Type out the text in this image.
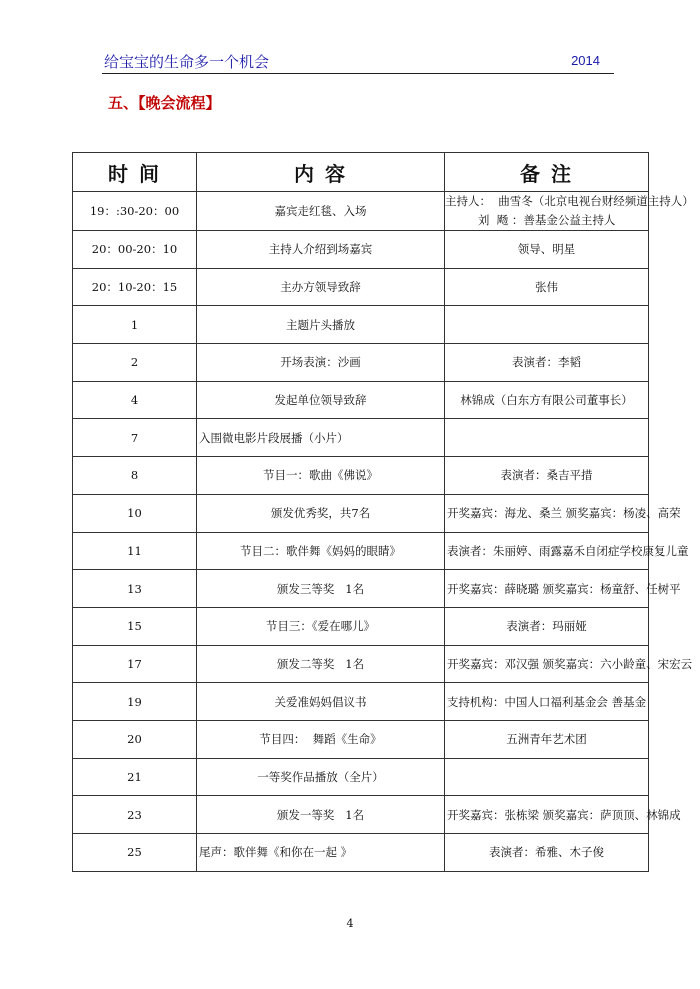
给宝宝的生命多一个机会	2014
五、【晚会流程】
时 间	内 容	备 注
19：:30-20：00	嘉宾走红毯、入场	主持人：  曲雪冬（北京电视台财经频道主持人）
刘  飏 ：善基金公益主持人

20：00-20：10	主持人介绍到场嘉宾	领导、明星
20：10-20：15	主办方领导致辞	张伟
1	主题片头播放	
2	开场表演：沙画	表演者：李韬
4	发起单位领导致辞	林锦成（白东方有限公司董事长）
7	入围微电影片段展播（小片）	
8	节目一：歌曲《佛说》	表演者：桑吉平措
10	颁发优秀奖，共7名	开奖嘉宾：海龙、桑兰 颁奖嘉宾：杨凌、高荣
11	节目二：歌伴舞《妈妈的眼睛》	表演者：朱丽婷、雨露嘉禾自闭症学校康复儿童
13	颁发三等奖   1名	开奖嘉宾：薛晓璐 颁奖嘉宾：杨童舒、任树平
15	节目三：《爱在哪儿》	表演者：玛丽娅
17	颁发二等奖   1名	开奖嘉宾：邓汉强 颁奖嘉宾：六小龄童、宋宏云
19	关爱准妈妈倡议书	支持机构：中国人口福利基金会 善基金
20	节目四：  舞蹈《生命》	五洲青年艺术团
21	一等奖作品播放（全片）	
23	颁发一等奖   1名	开奖嘉宾：张栋梁 颁奖嘉宾：萨顶顶、林锦成
25	尾声：歌伴舞《和你在一起 》	表演者：希雅、木子俊
4
